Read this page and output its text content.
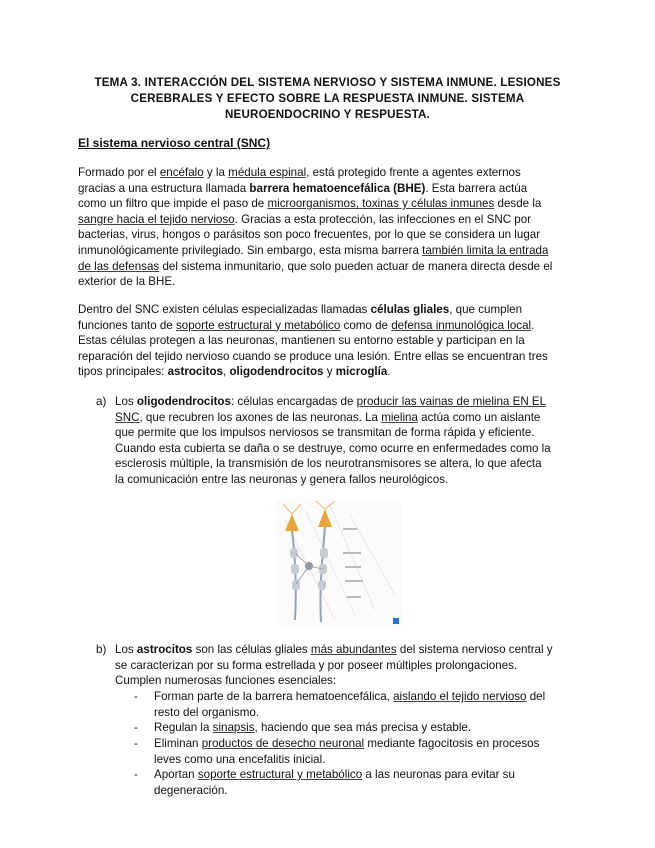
TEMA 3. INTERACCIÓN DEL SISTEMA NERVIOSO Y SISTEMA INMUNE. LESIONES
CEREBRALES Y EFECTO SOBRE LA RESPUESTA INMUNE. SISTEMA
NEUROENDOCRINO Y RESPUESTA.
El sistema nervioso central (SNC)
Formado por el encéfalo y la médula espinal, está protegido frente a agentes externos
gracias a una estructura llamada barrera hematoencefálica (BHE). Esta barrera actúa
como un filtro que impide el paso de microorganismos, toxinas y células inmunes desde la
sangre hacia el tejido nervioso. Gracias a esta protección, las infecciones en el SNC por
bacterias, virus, hongos o parásitos son poco frecuentes, por lo que se considera un lugar
inmunológicamente privilegiado. Sin embargo, esta misma barrera también limita la entrada
de las defensas del sistema inmunitario, que solo pueden actuar de manera directa desde el
exterior de la BHE.
Dentro del SNC existen células especializadas llamadas células gliales, que cumplen
funciones tanto de soporte estructural y metabólico como de defensa inmunológica local.
Estas células protegen a las neuronas, mantienen su entorno estable y participan en la
reparación del tejido nervioso cuando se produce una lesión. Entre ellas se encuentran tres
tipos principales: astrocitos, oligodendrocitos y microglía.
a) Los oligodendrocitos: células encargadas de producir las vainas de mielina EN EL
SNC, que recubren los axones de las neuronas. La mielina actúa como un aislante
que permite que los impulsos nerviosos se transmitan de forma rápida y eficiente.
Cuando esta cubierta se daña o se destruye, como ocurre en enfermedades como la
esclerosis múltiple, la transmisión de los neurotransmisores se altera, lo que afecta
la comunicación entre las neuronas y genera fallos neurológicos.
b) Los astrocitos son las células gliales más abundantes del sistema nervioso central y
se caracterizan por su forma estrellada y por poseer múltiples prolongaciones.
Cumplen numerosas funciones esenciales:
- Forman parte de la barrera hematoencefálica, aislando el tejido nervioso del
resto del organismo.
- Regulan la sinapsis, haciendo que sea más precisa y estable.
- Eliminan productos de desecho neuronal mediante fagocitosis en procesos
leves como una encefalitis inicial.
- Aportan soporte estructural y metabólico a las neuronas para evitar su
degeneración.
